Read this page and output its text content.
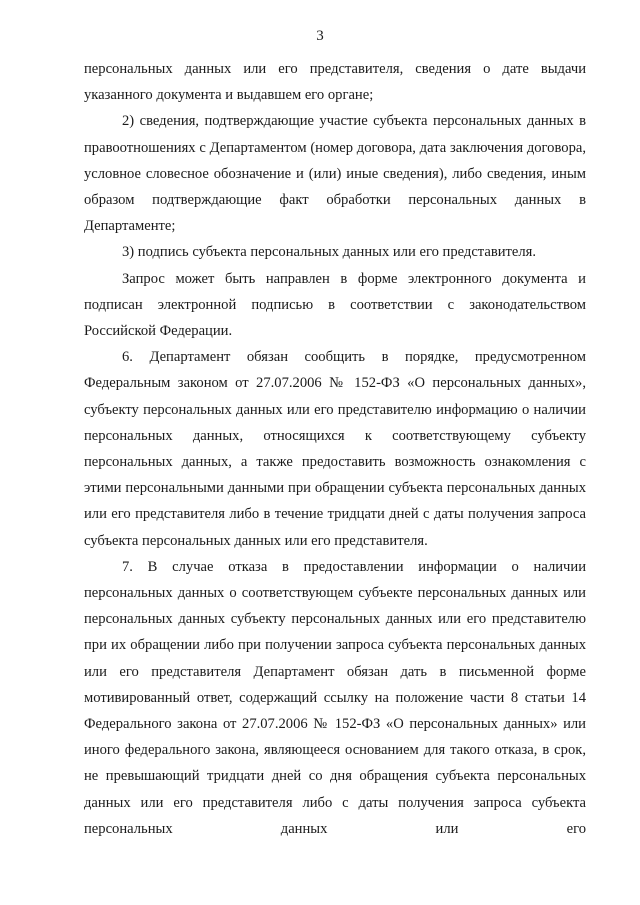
3

персональных данных или его представителя, сведения о дате выдачи указанного документа и выдавшем его органе;

2) сведения, подтверждающие участие субъекта персональных данных в правоотношениях с Департаментом (номер договора, дата заключения договора, условное словесное обозначение и (или) иные сведения), либо сведения, иным образом подтверждающие факт обработки персональных данных в Департаменте;

3) подпись субъекта персональных данных или его представителя.

Запрос может быть направлен в форме электронного документа и подписан электронной подписью в соответствии с законодательством Российской Федерации.

6. Департамент обязан сообщить в порядке, предусмотренном Федеральным законом от 27.07.2006 № 152-ФЗ «О персональных данных», субъекту персональных данных или его представителю информацию о наличии персональных данных, относящихся к соответствующему субъекту персональных данных, а также предоставить возможность ознакомления с этими персональными данными при обращении субъекта персональных данных или его представителя либо в течение тридцати дней с даты получения запроса субъекта персональных данных или его представителя.

7. В случае отказа в предоставлении информации о наличии персональных данных о соответствующем субъекте персональных данных или персональных данных субъекту персональных данных или его представителю при их обращении либо при получении запроса субъекта персональных данных или его представителя Департамент обязан дать в письменной форме мотивированный ответ, содержащий ссылку на положение части 8 статьи 14 Федерального закона от 27.07.2006 № 152-ФЗ «О персональных данных» или иного федерального закона, являющееся основанием для такого отказа, в срок, не превышающий тридцати дней со дня обращения субъекта персональных данных или его представителя либо с даты получения запроса субъекта персональных данных или его
